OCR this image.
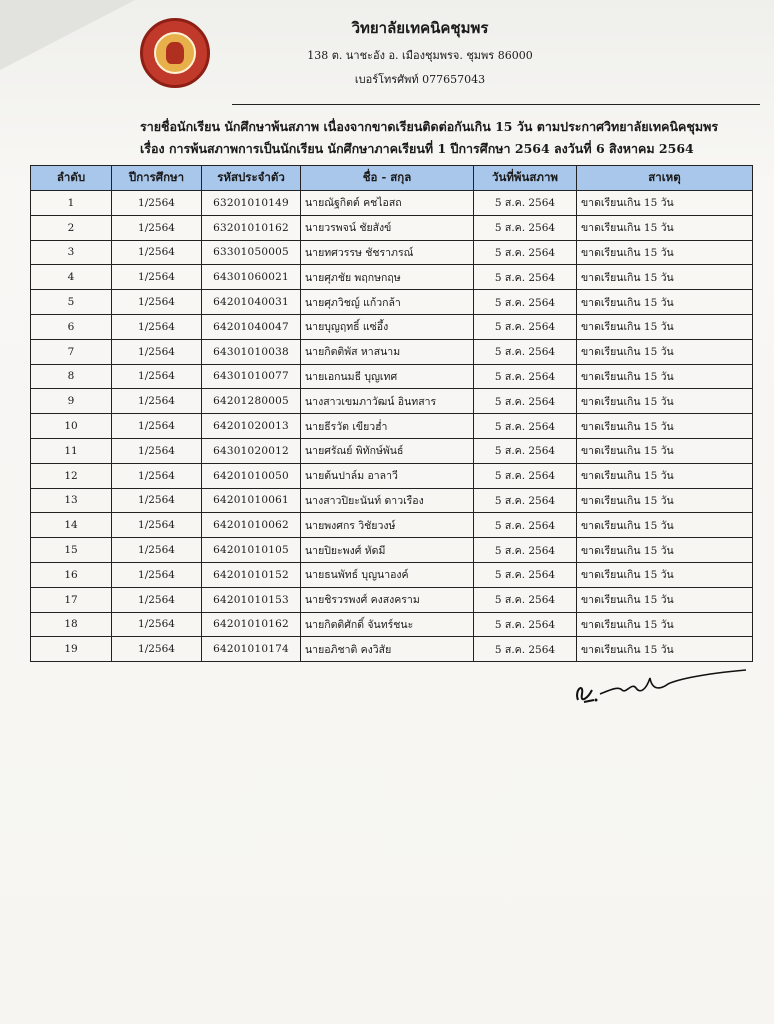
วิทยาลัยเทคนิคชุมพร
138 ต. นาชะอัง อ. เมืองชุมพรจ. ชุมพร 86000
เบอร์โทรศัพท์ 077657043
รายชื่อนักเรียน นักศึกษาพ้นสภาพ เนื่องจากขาดเรียนติดต่อกันเกิน 15 วัน ตามประกาศวิทยาลัยเทคนิคชุมพร
เรื่อง การพ้นสภาพการเป็นนักเรียน นักศึกษาภาคเรียนที่ 1 ปีการศึกษา 2564 ลงวันที่ 6 สิงหาคม 2564
ลำดับ	ปีการศึกษา	รหัสประจำตัว	ชื่อ - สกุล	วันที่พ้นสภาพ	สาเหตุ
1	1/2564	63201010149	นายณัฐกิตต์ คชไอสถ	5 ส.ค. 2564	ขาดเรียนเกิน 15 วัน
2	1/2564	63201010162	นายวรพจน์ ชัยสังข์	5 ส.ค. 2564	ขาดเรียนเกิน 15 วัน
3	1/2564	63301050005	นายทศวรรษ ชัชราภรณ์	5 ส.ค. 2564	ขาดเรียนเกิน 15 วัน
4	1/2564	64301060021	นายศุภชัย พฤกษกฤษ	5 ส.ค. 2564	ขาดเรียนเกิน 15 วัน
5	1/2564	64201040031	นายศุภวิชญ์ แก้วกล้า	5 ส.ค. 2564	ขาดเรียนเกิน 15 วัน
6	1/2564	64201040047	นายบุญฤทธิ์ แซ่อึ้ง	5 ส.ค. 2564	ขาดเรียนเกิน 15 วัน
7	1/2564	64301010038	นายกิตติพัส หาสนาม	5 ส.ค. 2564	ขาดเรียนเกิน 15 วัน
8	1/2564	64301010077	นายเอกนมธี บุญเทศ	5 ส.ค. 2564	ขาดเรียนเกิน 15 วัน
9	1/2564	64201280005	นางสาวเขมภาวัฒน์ อินทสาร	5 ส.ค. 2564	ขาดเรียนเกิน 15 วัน
10	1/2564	64201020013	นายธีรวัต เขียวฮ่ำ	5 ส.ค. 2564	ขาดเรียนเกิน 15 วัน
11	1/2564	64301020012	นายศรัณย์ พิทักษ์พันธ์	5 ส.ค. 2564	ขาดเรียนเกิน 15 วัน
12	1/2564	64201010050	นายต้นปาล์ม อาลาวี	5 ส.ค. 2564	ขาดเรียนเกิน 15 วัน
13	1/2564	64201010061	นางสาวปิยะนันท์ ดาวเรือง	5 ส.ค. 2564	ขาดเรียนเกิน 15 วัน
14	1/2564	64201010062	นายพงศกร วิชัยวงษ์	5 ส.ค. 2564	ขาดเรียนเกิน 15 วัน
15	1/2564	64201010105	นายปิยะพงศ์ หัดมี	5 ส.ค. 2564	ขาดเรียนเกิน 15 วัน
16	1/2564	64201010152	นายธนพัทธ์ บุญนาองค์	5 ส.ค. 2564	ขาดเรียนเกิน 15 วัน
17	1/2564	64201010153	นายชิรวรพงศ์ คงสงคราม	5 ส.ค. 2564	ขาดเรียนเกิน 15 วัน
18	1/2564	64201010162	นายกิตติศักดิ์ จันทร์ชนะ	5 ส.ค. 2564	ขาดเรียนเกิน 15 วัน
19	1/2564	64201010174	นายอภิชาติ คงวิสัย	5 ส.ค. 2564	ขาดเรียนเกิน 15 วัน
